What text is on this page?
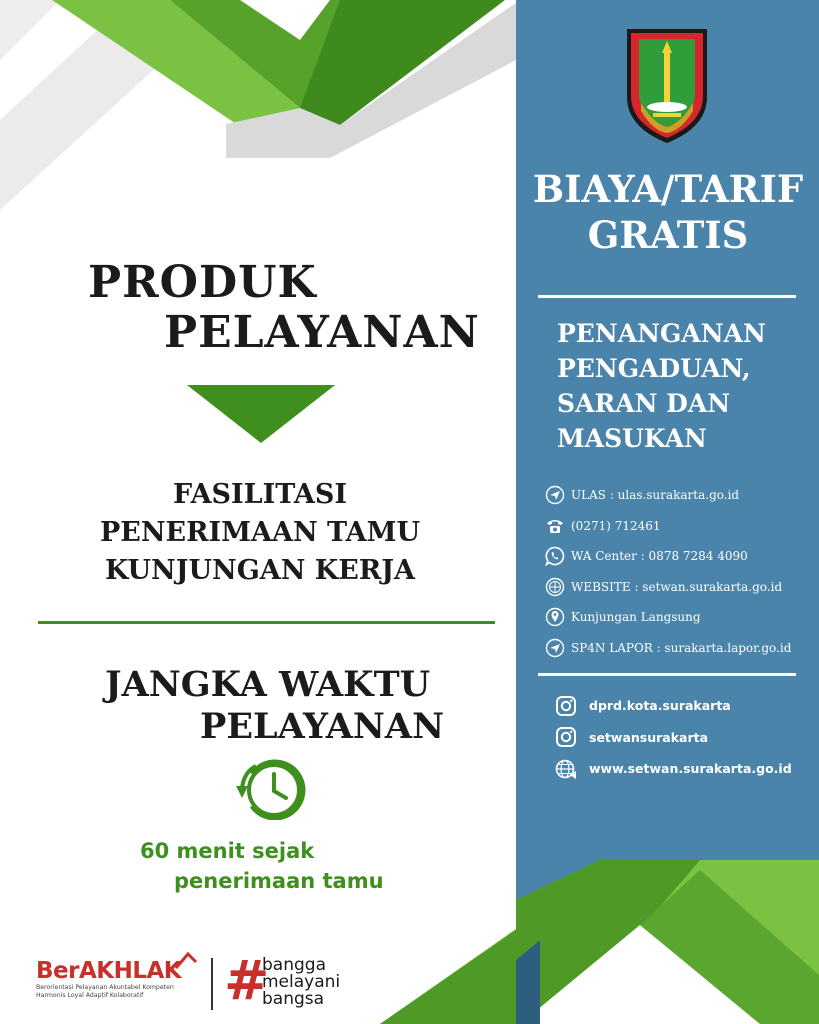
PRODUK
PELAYANAN
FASILITASI
PENERIMAAN TAMU
KUNJUNGAN KERJA
JANGKA WAKTU
PELAYANAN
60 menit sejak
penerimaan tamu
BerAKHLAK
Berorientasi Pelayanan Akuntabel Kompeten
Harmonis Loyal Adaptif Kolaboratif	#
bangga
melayani
bangsa
BIAYA/TARIF
GRATIS
PENANGANAN
PENGADUAN,
SARAN DAN
MASUKAN
ULAS : ulas.surakarta.go.id
(0271) 712461
WA Center : 0878 7284 4090
WEBSITE : setwan.surakarta.go.id
Kunjungan Langsung
SP4N LAPOR : surakarta.lapor.go.id
dprd.kota.surakarta
setwansurakarta
www.setwan.surakarta.go.id
